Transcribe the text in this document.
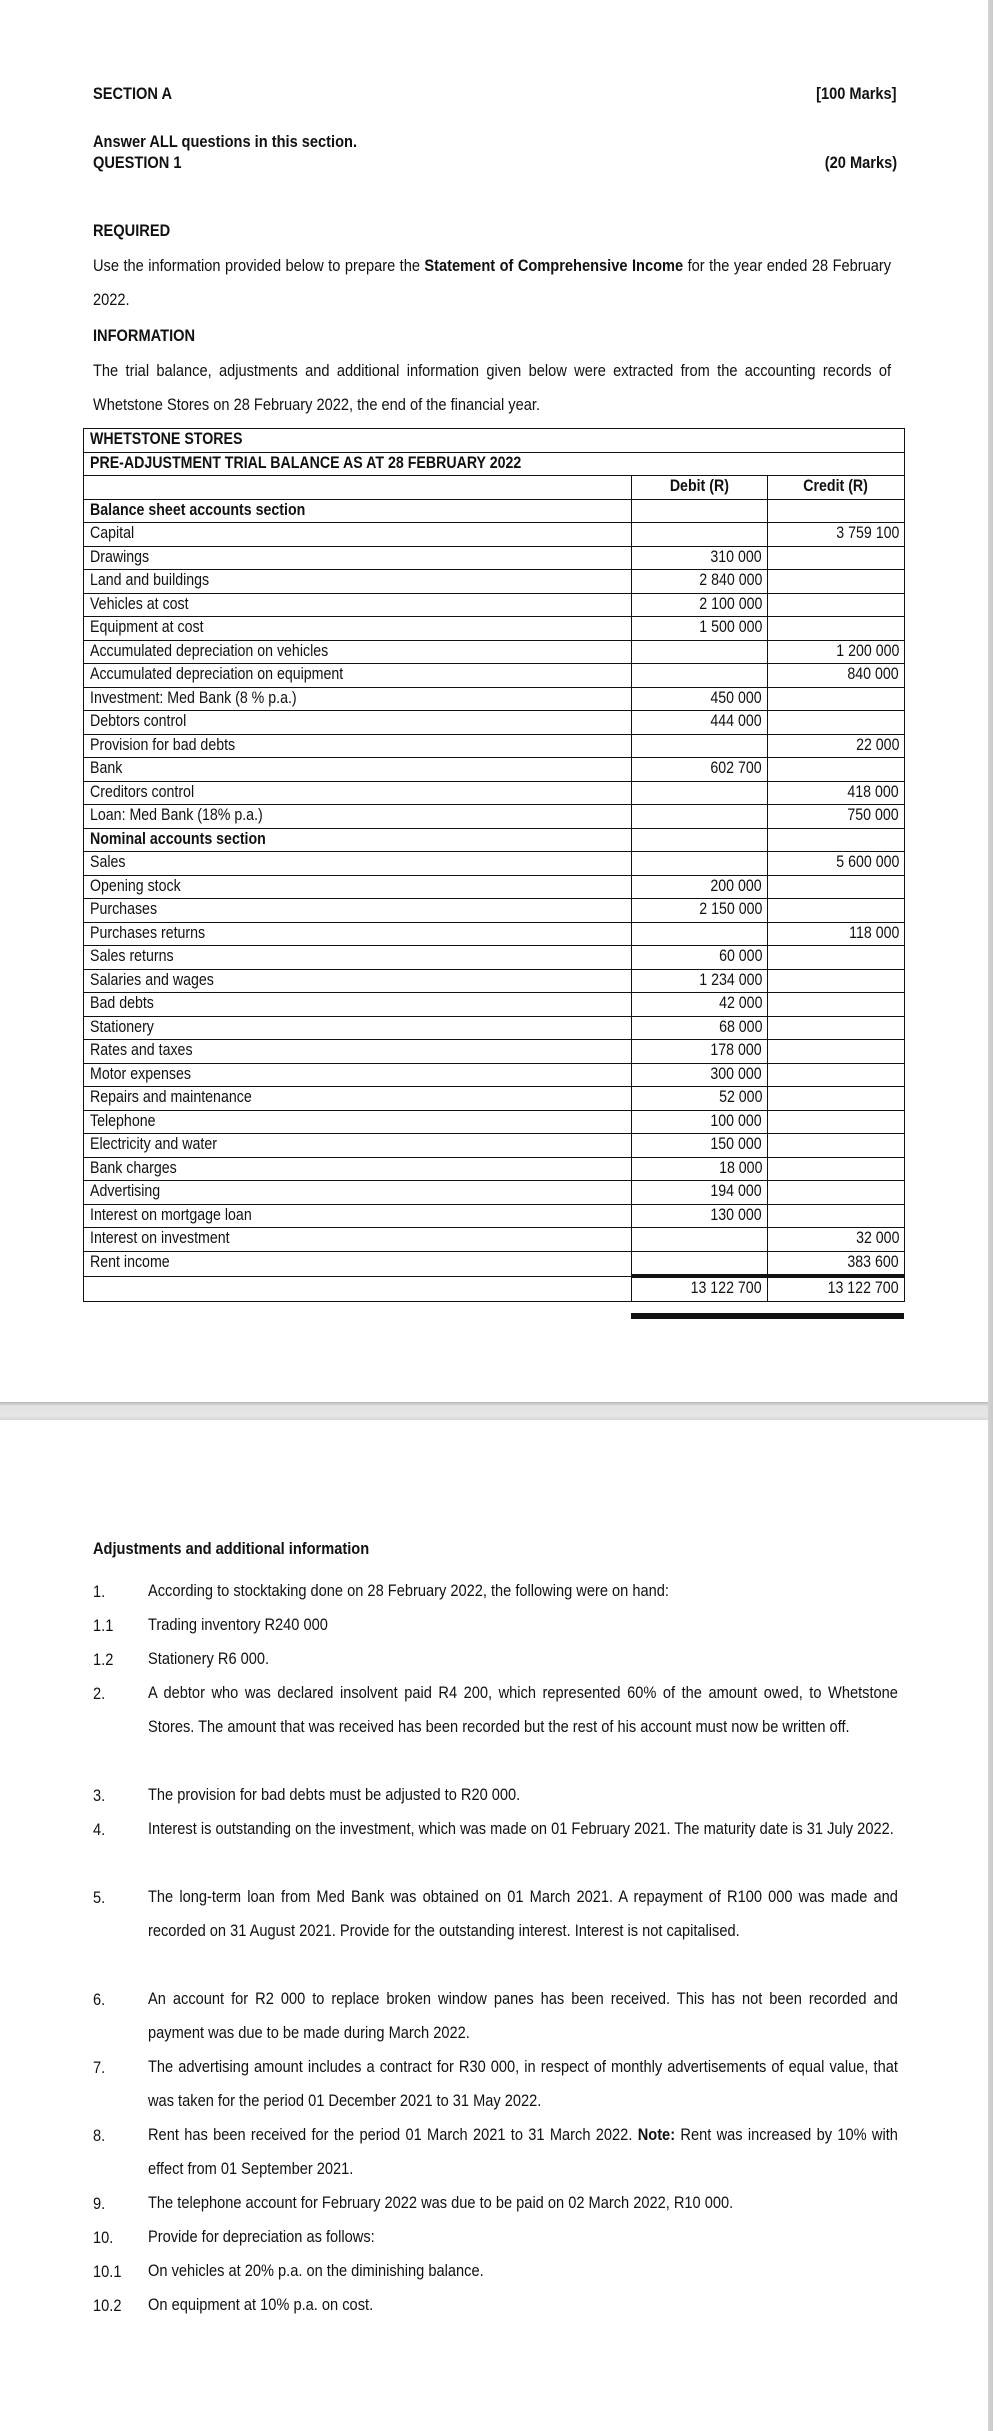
SECTION A	[100 Marks]
Answer ALL questions in this section.
QUESTION 1	(20 Marks)
REQUIRED
Use the information provided below to prepare the Statement of Comprehensive Income for the year ended 28 February 2022.
INFORMATION
The trial balance, adjustments and additional information given below were extracted from the accounting records of Whetstone Stores on 28 February 2022, the end of the financial year.
WHETSTONE STORES		
PRE-ADJUSTMENT TRIAL BALANCE AS AT 28 FEBRUARY 2022		
	Debit (R)	Credit (R)
Balance sheet accounts section		
Capital		3 759 100
Drawings	310 000	
Land and buildings	2 840 000	
Vehicles at cost	2 100 000	
Equipment at cost	1 500 000	
Accumulated depreciation on vehicles		1 200 000
Accumulated depreciation on equipment		840 000
Investment: Med Bank (8 % p.a.)	450 000	
Debtors control	444 000	
Provision for bad debts		22 000
Bank	602 700	
Creditors control		418 000
Loan: Med Bank (18% p.a.)		750 000
Nominal accounts section		
Sales		5 600 000
Opening stock	200 000	
Purchases	2 150 000	
Purchases returns		118 000
Sales returns	60 000	
Salaries and wages	1 234 000	
Bad debts	42 000	
Stationery	68 000	
Rates and taxes	178 000	
Motor expenses	300 000	
Repairs and maintenance	52 000	
Telephone	100 000	
Electricity and water	150 000	
Bank charges	18 000	
Advertising	194 000	
Interest on mortgage loan	130 000	
Interest on investment		32 000
Rent income		383 600
	13 122 700	13 122 700
Adjustments and additional information
1.	According to stocktaking done on 28 February 2022, the following were on hand:
1.1 Trading inventory R240 000
1.2 Stationery R6 000.
2.	A debtor who was declared insolvent paid R4 200, which represented 60% of the amount owed, to Whetstone Stores. The amount that was received has been recorded but the rest of his account must now be written off.
3.	The provision for bad debts must be adjusted to R20 000.
4.	Interest is outstanding on the investment, which was made on 01 February 2021. The maturity date is 31 July 2022.
5.	The long-term loan from Med Bank was obtained on 01 March 2021. A repayment of R100 000 was made and recorded on 31 August 2021. Provide for the outstanding interest. Interest is not capitalised.
6.	An account for R2 000 to replace broken window panes has been received. This has not been recorded and payment was due to be made during March 2022.
7.	The advertising amount includes a contract for R30 000, in respect of monthly advertisements of equal value, that was taken for the period 01 December 2021 to 31 May 2022.
8.	Rent has been received for the period 01 March 2021 to 31 March 2022. Note: Rent was increased by 10% with effect from 01 September 2021.
9.	The telephone account for February 2022 was due to be paid on 02 March 2022, R10 000.
10. Provide for depreciation as follows:
10.1 On vehicles at 20% p.a. on the diminishing balance.
10.2 On equipment at 10% p.a. on cost.
